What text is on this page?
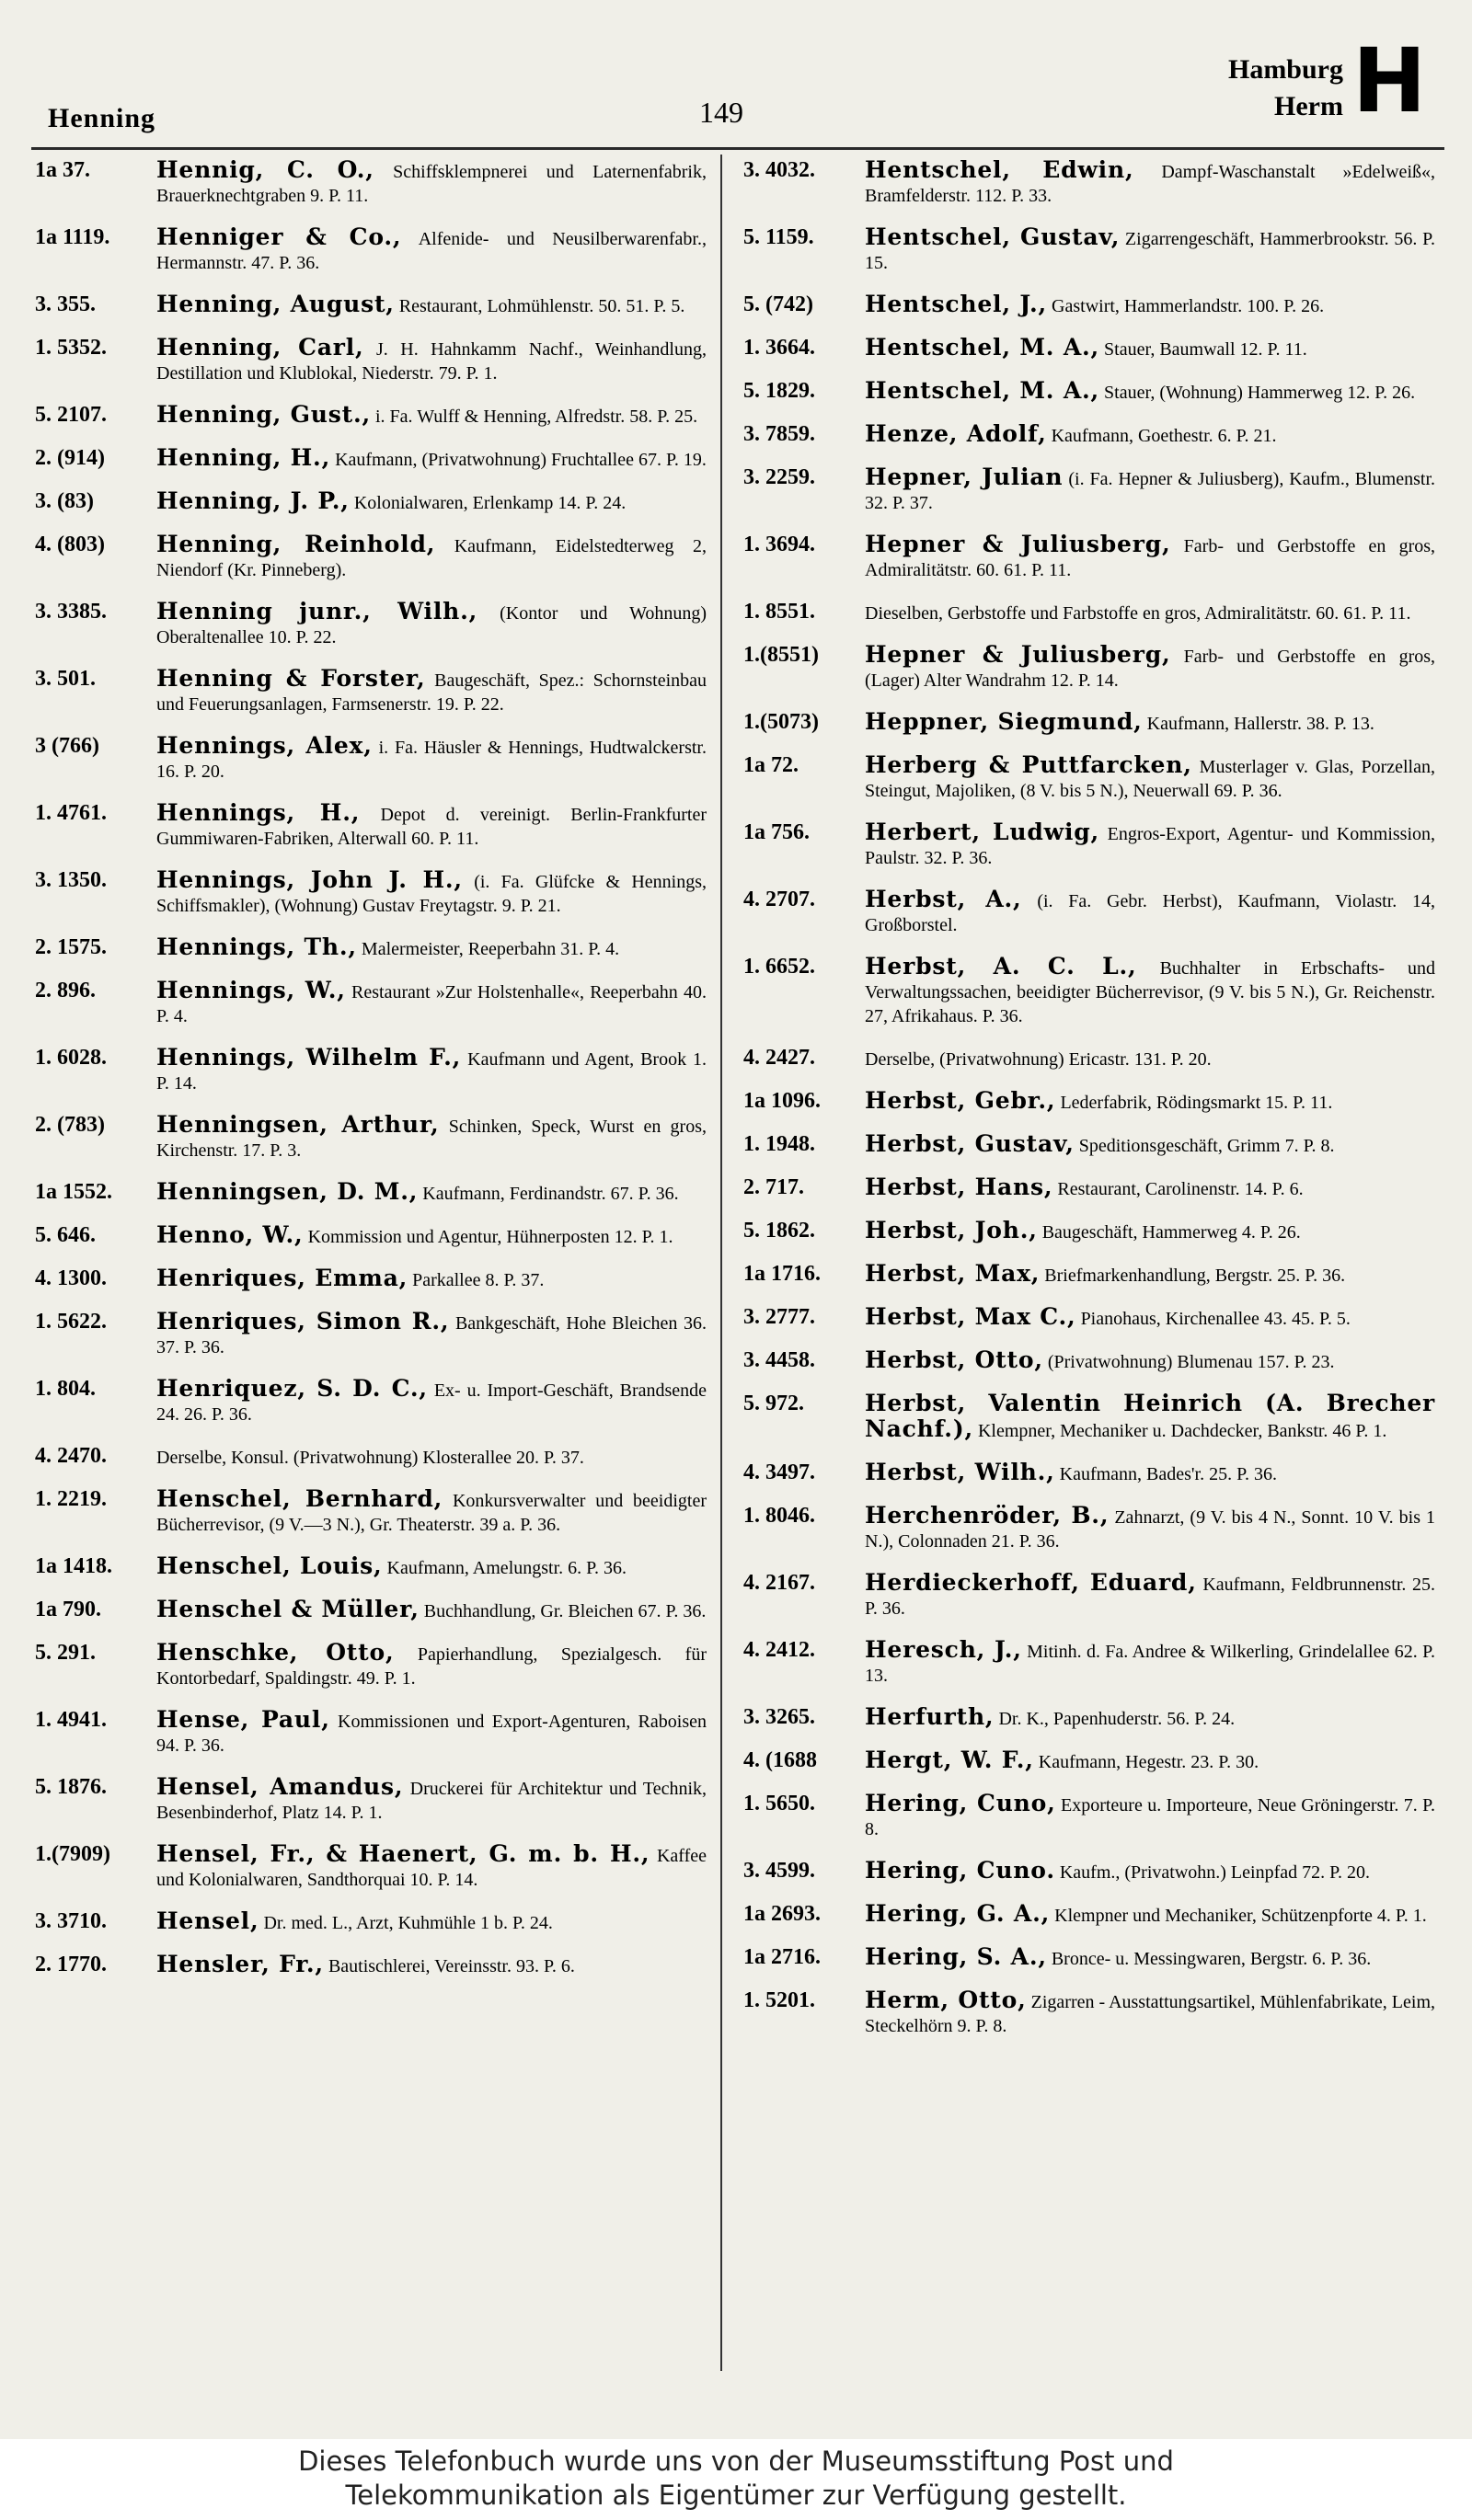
Henning	149
Hamburg
Herm H
1a 37.	Hennig, C. O., Schiffsklempnerei und Laternenfabrik, Brauerknechtgraben 9. P. 11.
1a 1119.	Henniger & Co., Alfenide- und Neusilberwarenfabr., Hermannstr. 47. P. 36.
3. 355.	Henning, August, Restaurant, Lohmühlenstr. 50. 51. P. 5.
1. 5352.	Henning, Carl, J. H. Hahnkamm Nachf., Weinhandlung, Destillation und Klublokal, Niederstr. 79. P. 1.
5. 2107.	Henning, Gust., i. Fa. Wulff & Henning, Alfredstr. 58. P. 25.
2. (914)	Henning, H., Kaufmann, (Privatwohnung) Fruchtallee 67. P. 19.
3. (83)	Henning, J. P., Kolonialwaren, Erlenkamp 14. P. 24.
4. (803)	Henning, Reinhold, Kaufmann, Eidelstedterweg 2, Niendorf (Kr. Pinneberg).
3. 3385.	Henning junr., Wilh., (Kontor und Wohnung) Oberaltenallee 10. P. 22.
3. 501.	Henning & Forster, Baugeschäft, Spez.: Schornsteinbau und Feuerungsanlagen, Farmsenerstr. 19. P. 22.
3 (766)	Hennings, Alex, i. Fa. Häusler & Hennings, Hudtwalckerstr. 16. P. 20.
1. 4761.	Hennings, H., Depot d. vereinigt. Berlin-Frankfurter Gummiwaren-Fabriken, Alterwall 60. P. 11.
3. 1350.	Hennings, John J. H., (i. Fa. Glüfcke & Hennings, Schiffsmakler), (Wohnung) Gustav Freytagstr. 9. P. 21.
2. 1575.	Hennings, Th., Malermeister, Reeperbahn 31. P. 4.
2. 896.	Hennings, W., Restaurant »Zur Holstenhalle«, Reeperbahn 40. P. 4.
1. 6028.	Hennings, Wilhelm F., Kaufmann und Agent, Brook 1. P. 14.
2. (783)	Henningsen, Arthur, Schinken, Speck, Wurst en gros, Kirchenstr. 17. P. 3.
1a 1552.	Henningsen, D. M., Kaufmann, Ferdinandstr. 67. P. 36.
5. 646.	Henno, W., Kommission und Agentur, Hühnerposten 12. P. 1.
4. 1300.	Henriques, Emma, Parkallee 8. P. 37.
1. 5622.	Henriques, Simon R., Bankgeschäft, Hohe Bleichen 36. 37. P. 36.
1. 804.	Henriquez, S. D. C., Ex- u. Import-Geschäft, Brandsende 24. 26. P. 36.
4. 2470.	Derselbe, Konsul. (Privatwohnung) Klosterallee 20. P. 37.
1. 2219.	Henschel, Bernhard, Konkursverwalter und beeidigter Bücherrevisor, (9 V.—3 N.), Gr. Theaterstr. 39 a. P. 36.
1a 1418.	Henschel, Louis, Kaufmann, Amelungstr. 6. P. 36.
1a 790.	Henschel & Müller, Buchhandlung, Gr. Bleichen 67. P. 36.
5. 291.	Henschke, Otto, Papierhandlung, Spezialgesch. für Kontorbedarf, Spaldingstr. 49. P. 1.
1. 4941.	Hense, Paul, Kommissionen und Export-Agenturen, Raboisen 94. P. 36.
5. 1876.	Hensel, Amandus, Druckerei für Architektur und Technik, Besenbinderhof, Platz 14. P. 1.
1.(7909)	Hensel, Fr., & Haenert, G. m. b. H., Kaffee und Kolonialwaren, Sandthorquai 10. P. 14.
3. 3710.	Hensel, Dr. med. L., Arzt, Kuhmühle 1 b. P. 24.
2. 1770.	Hensler, Fr., Bautischlerei, Vereinsstr. 93. P. 6.
3. 4032.	Hentschel, Edwin, Dampf-Waschanstalt »Edelweiß«, Bramfelderstr. 112. P. 33.
5. 1159.	Hentschel, Gustav, Zigarrengeschäft, Hammerbrookstr. 56. P. 15.
5. (742)	Hentschel, J., Gastwirt, Hammerlandstr. 100. P. 26.
1. 3664.	Hentschel, M. A., Stauer, Baumwall 12. P. 11.
5. 1829.	Hentschel, M. A., Stauer, (Wohnung) Hammerweg 12. P. 26.
3. 7859.	Henze, Adolf, Kaufmann, Goethestr. 6. P. 21.
3. 2259.	Hepner, Julian (i. Fa. Hepner & Juliusberg), Kaufm., Blumenstr. 32. P. 37.
1. 3694.	Hepner & Juliusberg, Farb- und Gerbstoffe en gros, Admiralitätstr. 60. 61. P. 11.
1. 8551.	Dieselben, Gerbstoffe und Farbstoffe en gros, Admiralitätstr. 60. 61. P. 11.
1.(8551)	Hepner & Juliusberg, Farb- und Gerbstoffe en gros, (Lager) Alter Wandrahm 12. P. 14.
1.(5073)	Heppner, Siegmund, Kaufmann, Hallerstr. 38. P. 13.
1a 72.	Herberg & Puttfarcken, Musterlager v. Glas, Porzellan, Steingut, Majoliken, (8 V. bis 5 N.), Neuerwall 69. P. 36.
1a 756.	Herbert, Ludwig, Engros-Export, Agentur- und Kommission, Paulstr. 32. P. 36.
4. 2707.	Herbst, A., (i. Fa. Gebr. Herbst), Kaufmann, Violastr. 14, Großborstel.
1. 6652.	Herbst, A. C. L., Buchhalter in Erbschafts- und Verwaltungssachen, beeidigter Bücherrevisor, (9 V. bis 5 N.), Gr. Reichenstr. 27, Afrikahaus. P. 36.
4. 2427.	Derselbe, (Privatwohnung) Ericastr. 131. P. 20.
1a 1096.	Herbst, Gebr., Lederfabrik, Rödingsmarkt 15. P. 11.
1. 1948.	Herbst, Gustav, Speditionsgeschäft, Grimm 7. P. 8.
2. 717.	Herbst, Hans, Restaurant, Carolinenstr. 14. P. 6.
5. 1862.	Herbst, Joh., Baugeschäft, Hammerweg 4. P. 26.
1a 1716.	Herbst, Max, Briefmarkenhandlung, Bergstr. 25. P. 36.
3. 2777.	Herbst, Max C., Pianohaus, Kirchenallee 43. 45. P. 5.
3. 4458.	Herbst, Otto, (Privatwohnung) Blumenau 157. P. 23.
5. 972.	Herbst, Valentin Heinrich (A. Brecher Nachf.), Klempner, Mechaniker u. Dachdecker, Bankstr. 46 P. 1.
4. 3497.	Herbst, Wilh., Kaufmann, Bades'r. 25. P. 36.
1. 8046.	Herchenröder, B., Zahnarzt, (9 V. bis 4 N., Sonnt. 10 V. bis 1 N.), Colonnaden 21. P. 36.
4. 2167.	Herdieckerhoff, Eduard, Kaufmann, Feldbrunnenstr. 25. P. 36.
4. 2412.	Heresch, J., Mitinh. d. Fa. Andree & Wilkerling, Grindelallee 62. P. 13.
3. 3265.	Herfurth, Dr. K., Papenhuderstr. 56. P. 24.
4. (1688	Hergt, W. F., Kaufmann, Hegestr. 23. P. 30.
1. 5650.	Hering, Cuno, Exporteure u. Importeure, Neue Gröningerstr. 7. P. 8.
3. 4599.	Hering, Cuno. Kaufm., (Privatwohn.) Leinpfad 72. P. 20.
1a 2693.	Hering, G. A., Klempner und Mechaniker, Schützenpforte 4. P. 1.
1a 2716.	Hering, S. A., Bronce- u. Messingwaren, Bergstr. 6. P. 36.
1. 5201.	Herm, Otto, Zigarren - Ausstattungsartikel, Mühlenfabrikate, Leim, Steckelhörn 9. P. 8.
Dieses Telefonbuch wurde uns von der Museumsstiftung Post und
Telekommunikation als Eigentümer zur Verfügung gestellt.
